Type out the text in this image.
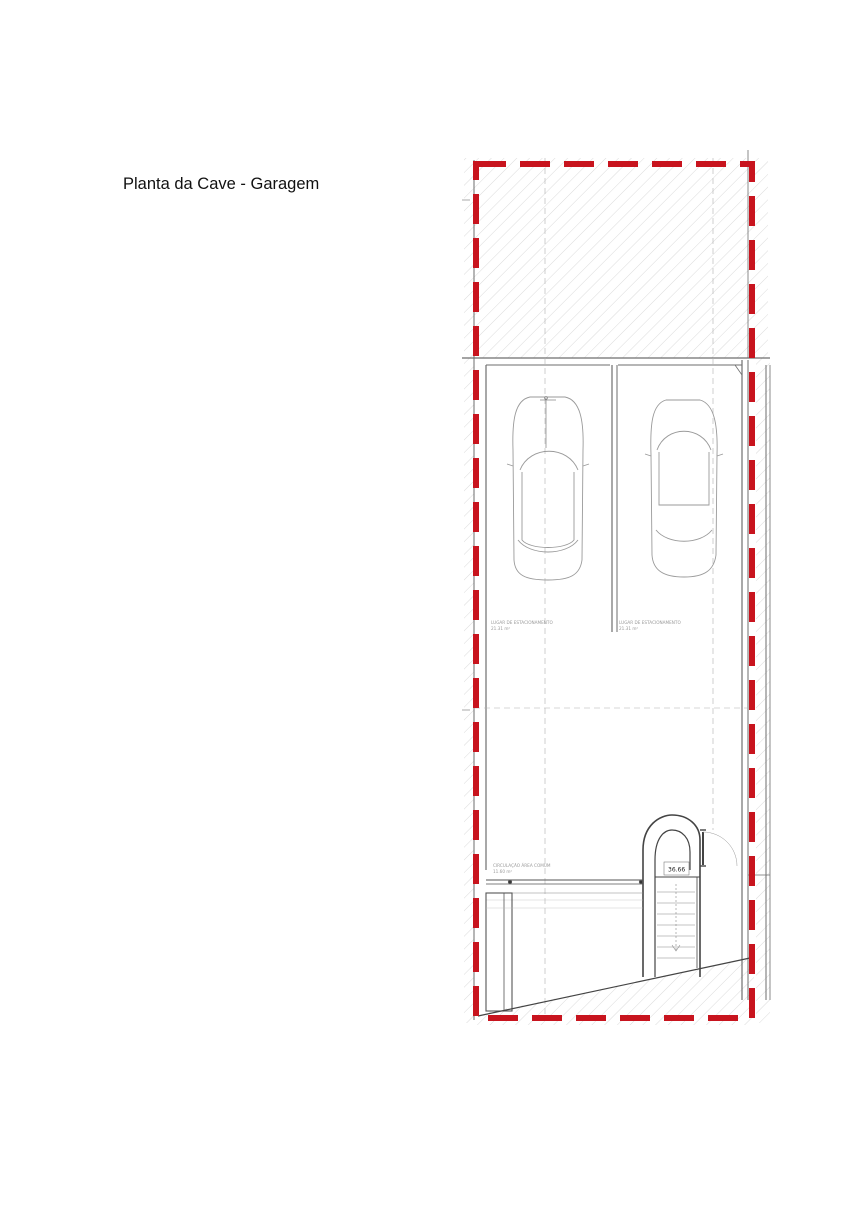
Planta da Cave - Garagem
LUGAR DE ESTACIONAMENTO
21.31 m²
LUGAR DE ESTACIONAMENTO
21.31 m²
CIRCULAÇÃO ÁREA COMUM
11.60 m²	36.66
